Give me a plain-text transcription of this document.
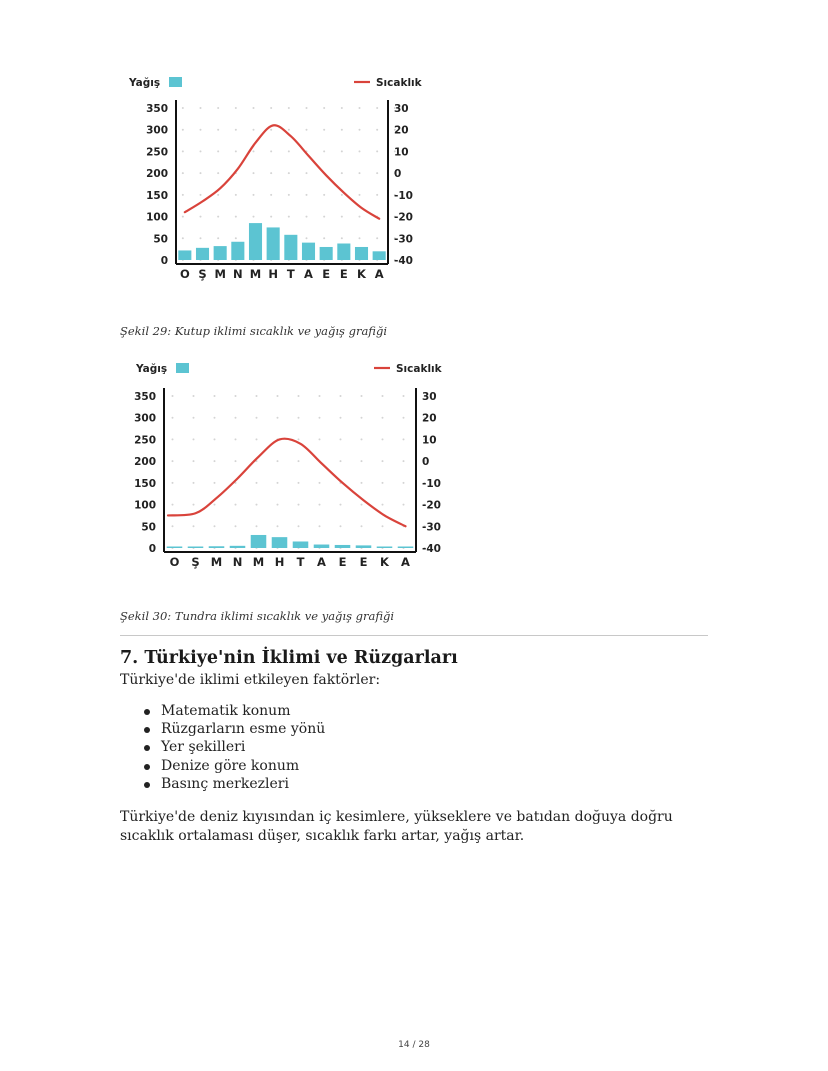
350
300
250
200
150
100
50
0
30
20
10
0
-10
-20
-30
-40
O Ş M N M H T A E E K A
Yağış	Sıcaklık
Şekil 29: Kutup iklimi sıcaklık ve yağış grafiği
350
300
250
200
150
100
50
0
30
20
10
0
-10
-20
-30
-40
O Ş M N M H T A E E K A
Yağış	Sıcaklık
Şekil 30: Tundra iklimi sıcaklık ve yağış grafiği
7. Türkiye'nin İklimi ve Rüzgarları

Türkiye'de iklimi etkileyen faktörler:

Matematik konum
Rüzgarların esme yönü
Yer şekilleri
Denize göre konum
Basınç merkezleri

Türkiye'de deniz kıyısından iç kesimlere, yükseklere ve batıdan doğuya doğru sıcaklık ortalaması düşer, sıcaklık farkı artar, yağış artar.

14 / 28
